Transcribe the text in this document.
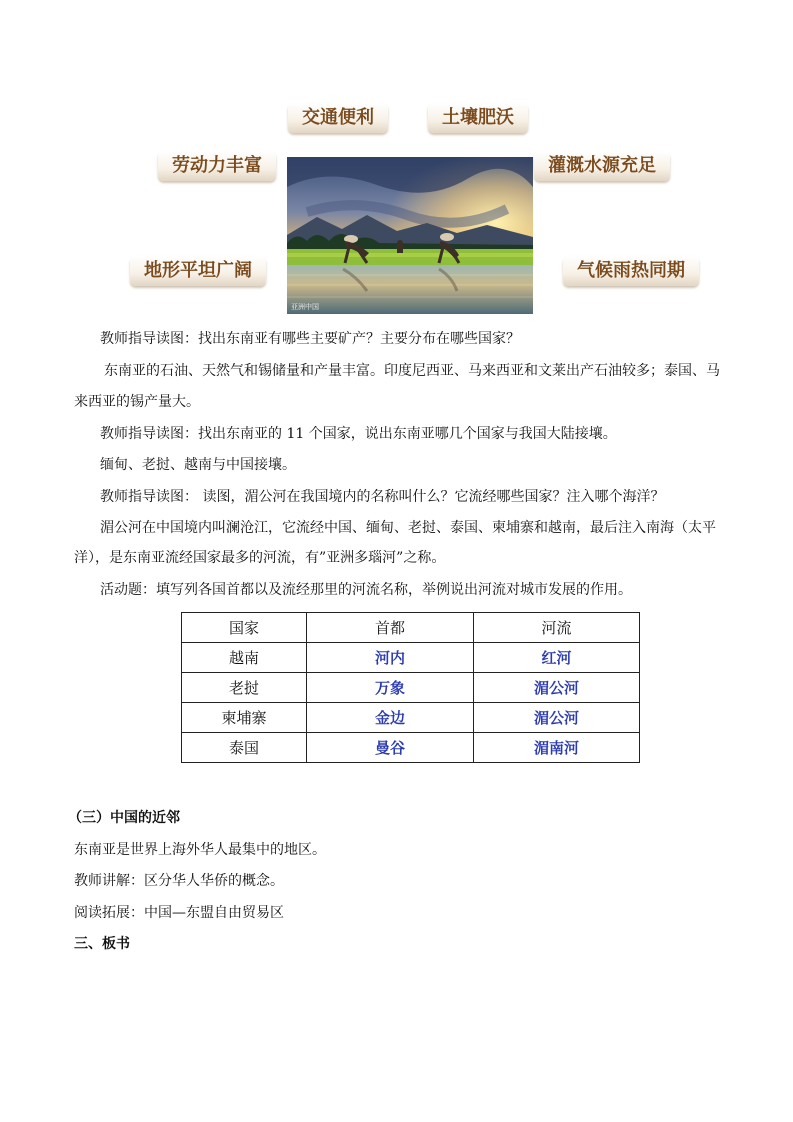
交通便利	土壤肥沃
劳动力丰富	灌溉水源充足
地形平坦广阔	气候雨热同期
亚洲中国
教师指导读图：找出东南亚有哪些主要矿产？主要分布在哪些国家？
东南亚的石油、天然气和锡储量和产量丰富。印度尼西亚、马来西亚和文莱出产石油较多；泰国、马
来西亚的锡产量大。
教师指导读图：找出东南亚的 11 个国家，说出东南亚哪几个国家与我国大陆接壤。
缅甸、老挝、越南与中国接壤。
教师指导读图： 读图，湄公河在我国境内的名称叫什么？它流经哪些国家？注入哪个海洋？
湄公河在中国境内叫澜沧江，它流经中国、缅甸、老挝、泰国、柬埔寨和越南，最后注入南海（太平
洋），是东南亚流经国家最多的河流，有”亚洲多瑙河”之称。
活动题：填写列各国首都以及流经那里的河流名称，举例说出河流对城市发展的作用。
国家	首都	河流
越南	河内	红河
老挝	万象	湄公河
柬埔寨	金边	湄公河
泰国	曼谷	湄南河
（三）中国的近邻
东南亚是世界上海外华人最集中的地区。
教师讲解：区分华人华侨的概念。
阅读拓展：中国—东盟自由贸易区
三、板书
